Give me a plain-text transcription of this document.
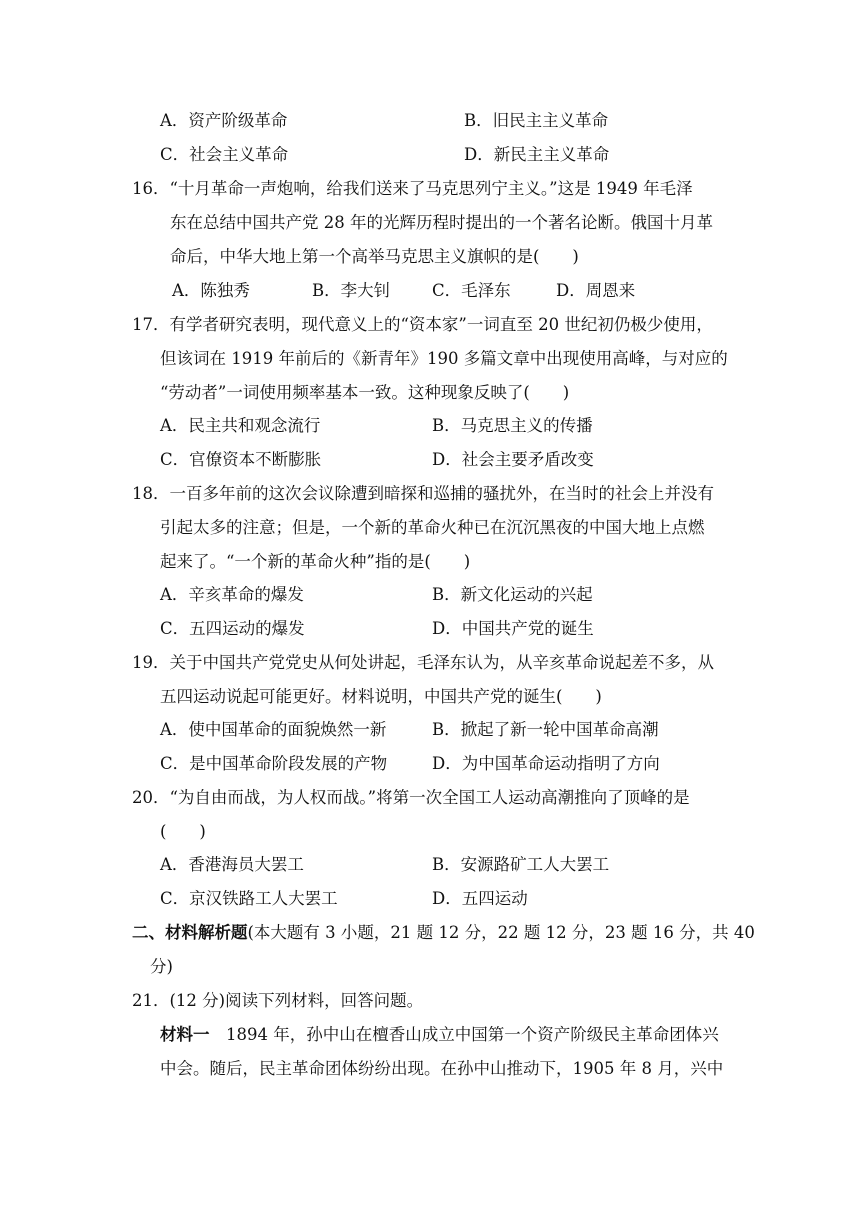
A．资产阶级革命	B．旧民主主义革命
C．社会主义革命	D．新民主主义革命
16．“十月革命一声炮响，给我们送来了马克思列宁主义。”这是 1949 年毛泽
东在总结中国共产党 28 年的光辉历程时提出的一个著名论断。俄国十月革
命后，中华大地上第一个高举马克思主义旗帜的是(　　)
A．陈独秀	B．李大钊	C．毛泽东	D．周恩来
17．有学者研究表明，现代意义上的“资本家”一词直至 20 世纪初仍极少使用，
但该词在 1919 年前后的《新青年》190 多篇文章中出现使用高峰，与对应的
“劳动者”一词使用频率基本一致。这种现象反映了(　　)
A．民主共和观念流行	B．马克思主义的传播
C．官僚资本不断膨胀	D．社会主要矛盾改变
18．一百多年前的这次会议除遭到暗探和巡捕的骚扰外，在当时的社会上并没有
引起太多的注意；但是，一个新的革命火种已在沉沉黑夜的中国大地上点燃
起来了。“一个新的革命火种”指的是(　　)
A．辛亥革命的爆发	B．新文化运动的兴起
C．五四运动的爆发	D．中国共产党的诞生
19．关于中国共产党党史从何处讲起，毛泽东认为，从辛亥革命说起差不多，从
五四运动说起可能更好。材料说明，中国共产党的诞生(　　)
A．使中国革命的面貌焕然一新	B．掀起了新一轮中国革命高潮
C．是中国革命阶段发展的产物	D．为中国革命运动指明了方向
20．“为自由而战，为人权而战。”将第一次全国工人运动高潮推向了顶峰的是
(　　)
A．香港海员大罢工	B．安源路矿工人大罢工
C．京汉铁路工人大罢工	D．五四运动
二、材料解析题(本大题有 3 小题，21 题 12 分，22 题 12 分，23 题 16 分，共 40
分)
21．(12 分)阅读下列材料，回答问题。
材料一　1894 年，孙中山在檀香山成立中国第一个资产阶级民主革命团体兴
中会。随后，民主革命团体纷纷出现。在孙中山推动下，1905 年 8 月，兴中
